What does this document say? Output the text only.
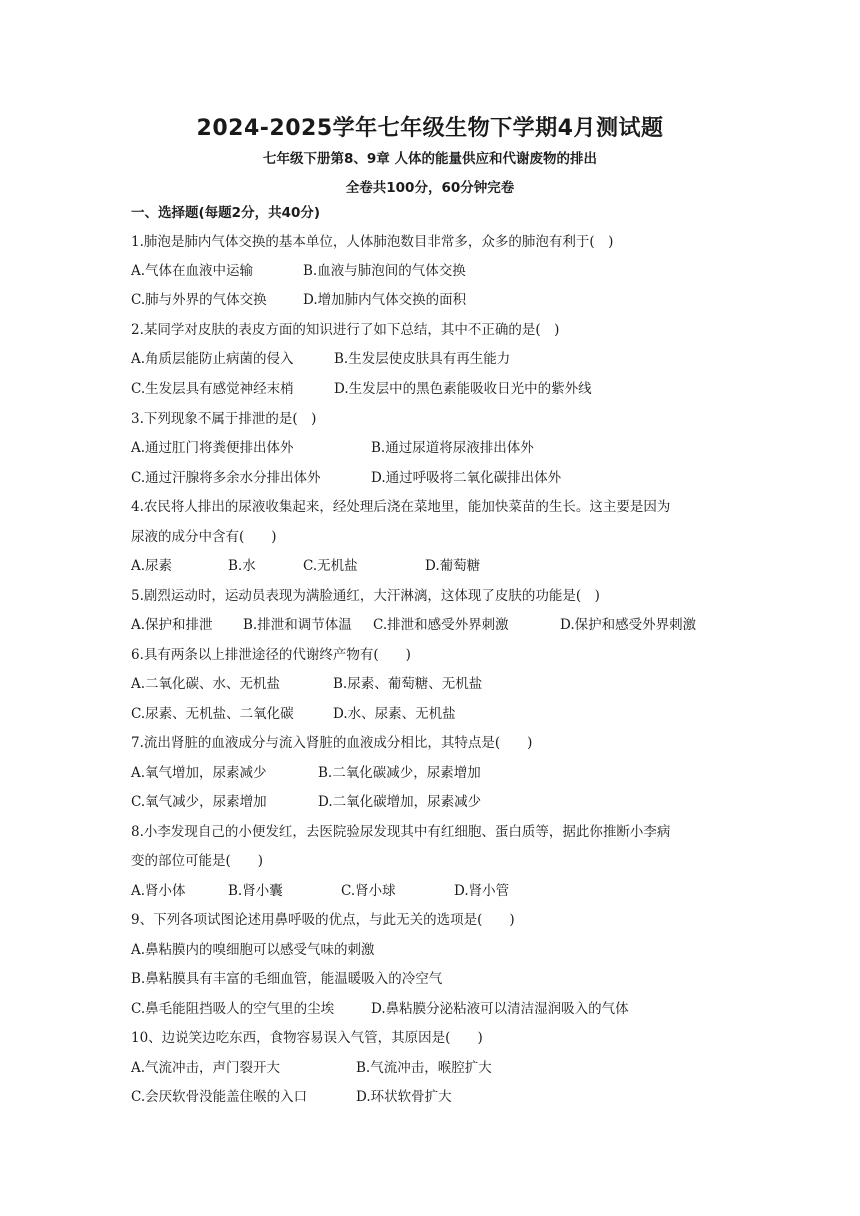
2024-2025学年七年级生物下学期4月测试题
七年级下册第8、9章 人体的能量供应和代谢废物的排出
全卷共100分，60分钟完卷
一、选择题(每题2分，共40分)
1.肺泡是肺内气体交换的基本单位，人体肺泡数目非常多，众多的肺泡有利于(　)
A.气体在血液中运输	B.血液与肺泡间的气体交换
C.肺与外界的气体交换	D.增加肺内气体交换的面积
2.某同学对皮肤的表皮方面的知识进行了如下总结，其中不正确的是(　)
A.角质层能防止病菌的侵入	B.生发层使皮肤具有再生能力
C.生发层具有感觉神经末梢	D.生发层中的黑色素能吸收日光中的紫外线
3.下列现象不属于排泄的是(　)
A.通过肛门将粪便排出体外	B.通过尿道将尿液排出体外
C.通过汗腺将多余水分排出体外	D.通过呼吸将二氧化碳排出体外
4.农民将人排出的尿液收集起来，经处理后浇在菜地里，能加快菜苗的生长。这主要是因为
尿液的成分中含有(　　)
A.尿素	B.水	C.无机盐	D.葡萄糖
5.剧烈运动时，运动员表现为满脸通红，大汗淋漓，这体现了皮肤的功能是(　)
A.保护和排泄 B.排泄和调节体温 C.排泄和感受外界刺激	D.保护和感受外界刺激
6.具有两条以上排泄途径的代谢终产物有(　　)
A.二氧化碳、水、无机盐	B.尿素、葡萄糖、无机盐
C.尿素、无机盐、二氧化碳	D.水、尿素、无机盐
7.流出肾脏的血液成分与流入肾脏的血液成分相比，其特点是(　　)
A.氧气增加，尿素减少	B.二氧化碳减少，尿素增加
C.氧气减少，尿素增加	D.二氧化碳增加，尿素减少
8.小李发现自己的小便发红，去医院验尿发现其中有红细胞、蛋白质等，据此你推断小李病
变的部位可能是(　　)
A.肾小体	B.肾小囊	C.肾小球	D.肾小管
9、下列各项试图论述用鼻呼吸的优点，与此无关的选项是(　　)
A.鼻粘膜内的嗅细胞可以感受气味的刺激
B.鼻粘膜具有丰富的毛细血管，能温暖吸入的冷空气
C.鼻毛能阻挡吸人的空气里的尘埃	D.鼻粘膜分泌粘液可以清洁湿润吸入的气体
10、边说笑边吃东西，食物容易误入气管，其原因是(　　)
A.气流冲击，声门裂开大	B.气流冲击，喉腔扩大
C.会厌软骨没能盖住喉的入口	D.环状软骨扩大
